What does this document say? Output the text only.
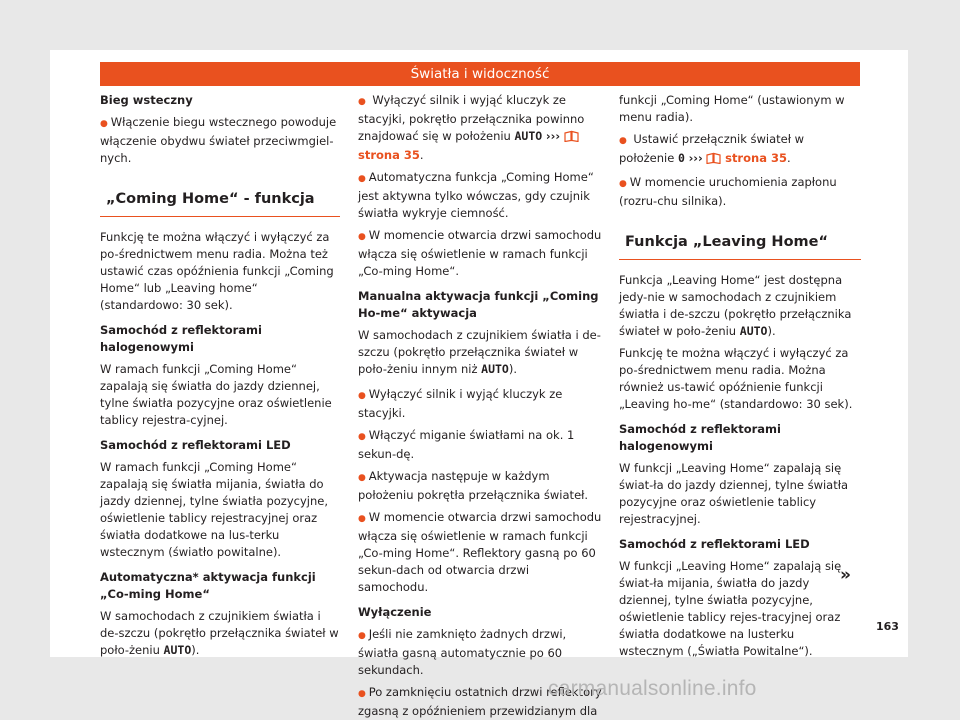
Światła i widoczność

Bieg wsteczny

● Włączenie biegu wstecznego powoduje włączenie obydwu świateł przeciwmgiel-nych.

„Coming Home“ - funkcja

Funkcję te można włączyć i wyłączyć za po-średnictwem menu radia. Można też ustawić czas opóźnienia funkcji „Coming Home“ lub „Leaving home“ (standardowo: 30 sek).

Samochód z reflektorami halogenowymi

W ramach funkcji „Coming Home“ zapalają się światła do jazdy dziennej, tylne światła pozycyjne oraz oświetlenie tablicy rejestra-cyjnej.

Samochód z reflektorami LED

W ramach funkcji „Coming Home“ zapalają się światła mijania, światła do jazdy dziennej, tylne światła pozycyjne, oświetlenie tablicy rejestracyjnej oraz światła dodatkowe na lus-terku wstecznym (światło powitalne).

Automatyczna* aktywacja funkcji „Co-ming Home“

W samochodach z czujnikiem światła i de-szczu (pokrętło przełącznika świateł w poło-żeniu AUTO).

● Wyłączyć silnik i wyjąć kluczyk ze stacyjki, pokrętło przełącznika powinno znajdować się w położeniu AUTO ›››  strona 35.

● Automatyczna funkcja „Coming Home“ jest aktywna tylko wówczas, gdy czujnik światła wykryje ciemność.

● W momencie otwarcia drzwi samochodu włącza się oświetlenie w ramach funkcji „Co-ming Home“.

Manualna aktywacja funkcji „Coming Ho-me“ aktywacja

W samochodach z czujnikiem światła i de-szczu (pokrętło przełącznika świateł w poło-żeniu innym niż AUTO).

● Wyłączyć silnik i wyjąć kluczyk ze stacyjki.

● Włączyć miganie światłami na ok. 1 sekun-dę.

● Aktywacja następuje w każdym położeniu pokrętła przełącznika świateł.

● W momencie otwarcia drzwi samochodu włącza się oświetlenie w ramach funkcji „Co-ming Home“. Reflektory gasną po 60 sekun-dach od otwarcia drzwi samochodu.

Wyłączenie

● Jeśli nie zamknięto żadnych drzwi, światła gasną automatycznie po 60 sekundach.

● Po zamknięciu ostatnich drzwi reflektory zgasną z opóźnieniem przewidzianym dla

funkcji „Coming Home“ (ustawionym w menu radia).

● Ustawić przełącznik świateł w położenie 0 ››› strona 35.

● W momencie uruchomienia zapłonu (rozru-chu silnika).

Funkcja „Leaving Home“

Funkcja „Leaving Home“ jest dostępna jedy-nie w samochodach z czujnikiem światła i de-szczu (pokrętło przełącznika świateł w poło-żeniu AUTO).

Funkcję te można włączyć i wyłączyć za po-średnictwem menu radia. Można również us-tawić opóźnienie funkcji „Leaving ho-me“ (standardowo: 30 sek).

Samochód z reflektorami halogenowymi

W funkcji „Leaving Home“ zapalają się świat-ła do jazdy dziennej, tylne światła pozycyjne oraz oświetlenie tablicy rejestracyjnej.

Samochód z reflektorami LED

W funkcji „Leaving Home“ zapalają się świat-ła mijania, światła do jazdy dziennej, tylne światła pozycyjne, oświetlenie tablicy rejes-tracyjnej oraz światła dodatkowe na lusterku wstecznym („Światła Powitalne“).

»
163
carmanualsonline.info
